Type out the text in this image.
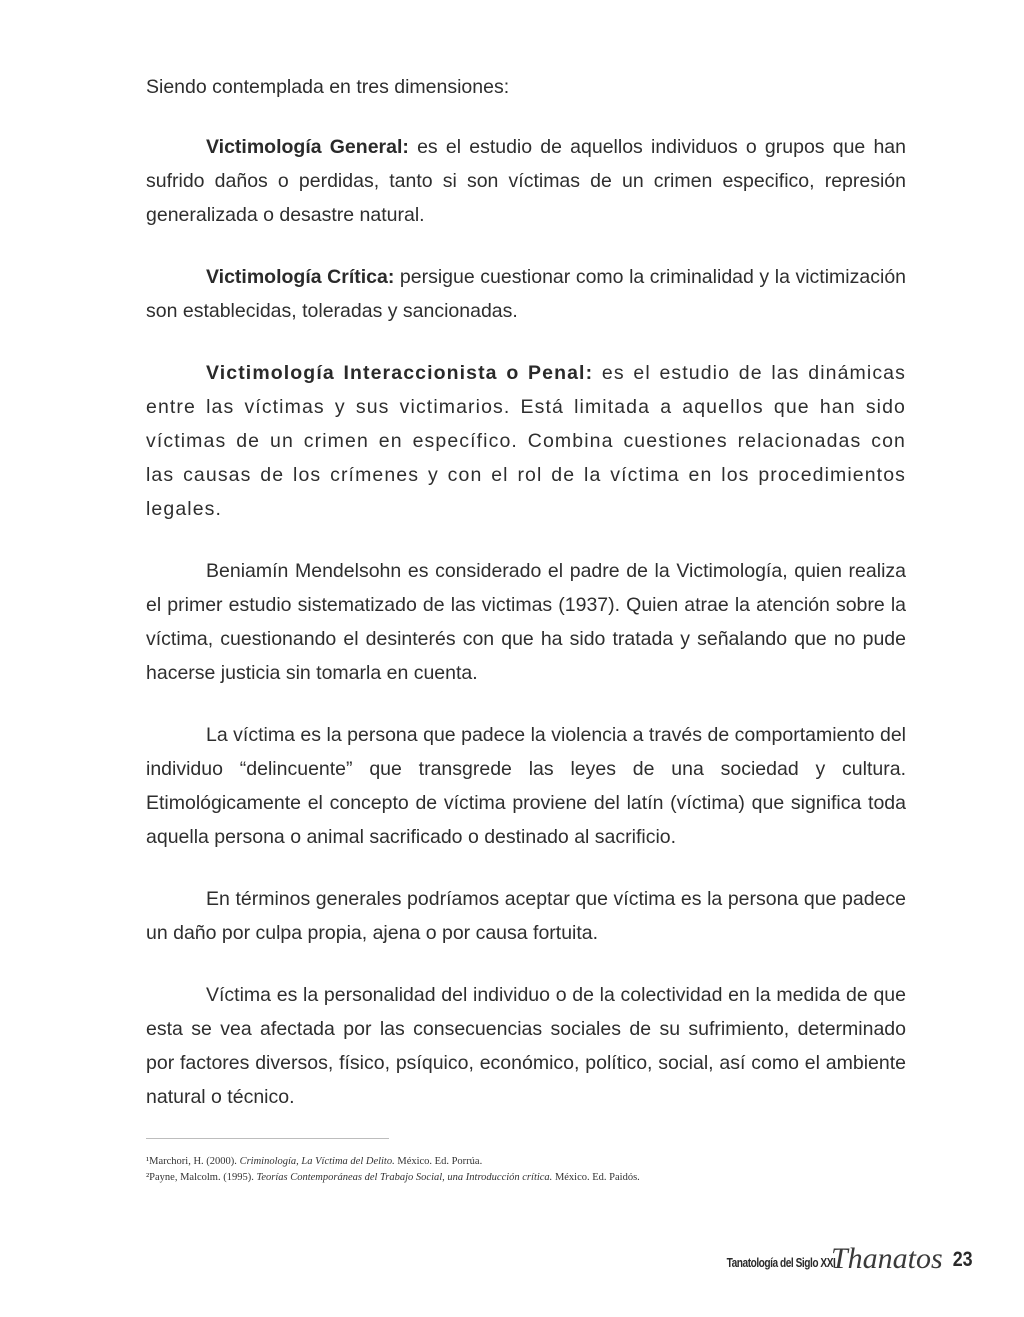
Siendo contemplada en tres dimensiones:

Victimología General: es el estudio de aquellos individuos o grupos que han sufrido daños o perdidas, tanto si son víctimas de un crimen especifico, represión generalizada o desastre natural.

Victimología Crítica: persigue cuestionar como la criminalidad y la victimización son establecidas, toleradas y sancionadas.

Victimología Interaccionista o Penal: es el estudio de las dinámicas entre las víctimas y sus victimarios. Está limitada a aquellos que han sido víctimas de un crimen en específico. Combina cuestiones relacionadas con las causas de los crímenes y con el rol de la víctima en los procedimientos legales.

Beniamín Mendelsohn es considerado el padre de la Victimología, quien realiza el primer estudio sistematizado de las victimas (1937). Quien atrae la atención sobre la víctima, cuestionando el desinterés con que ha sido tratada y señalando que no pude hacerse justicia sin tomarla en cuenta.

La víctima es la persona que padece la violencia a través de comportamiento del individuo “delincuente” que transgrede las leyes de una sociedad y cultura. Etimológicamente el concepto de víctima proviene del latín (víctima) que significa toda aquella persona o animal sacrificado o destinado al sacrificio.

En términos generales podríamos aceptar que víctima es la persona que padece un daño por culpa propia, ajena o por causa fortuita.

Víctima es la personalidad del individuo o de la colectividad en la medida de que esta se vea afectada por las consecuencias sociales de su sufrimiento, determinado por factores diversos, físico, psíquico, económico, político, social, así como el ambiente natural o técnico.

¹Marchori, H. (2000). Criminología, La Víctima del Delito. México. Ed. Porrúa.
²Payne, Malcolm. (1995). Teorías Contemporáneas del Trabajo Social, una Introducción crítica. México. Ed. Paidós.
Tanatología del Siglo XXI
Thanatos 23
